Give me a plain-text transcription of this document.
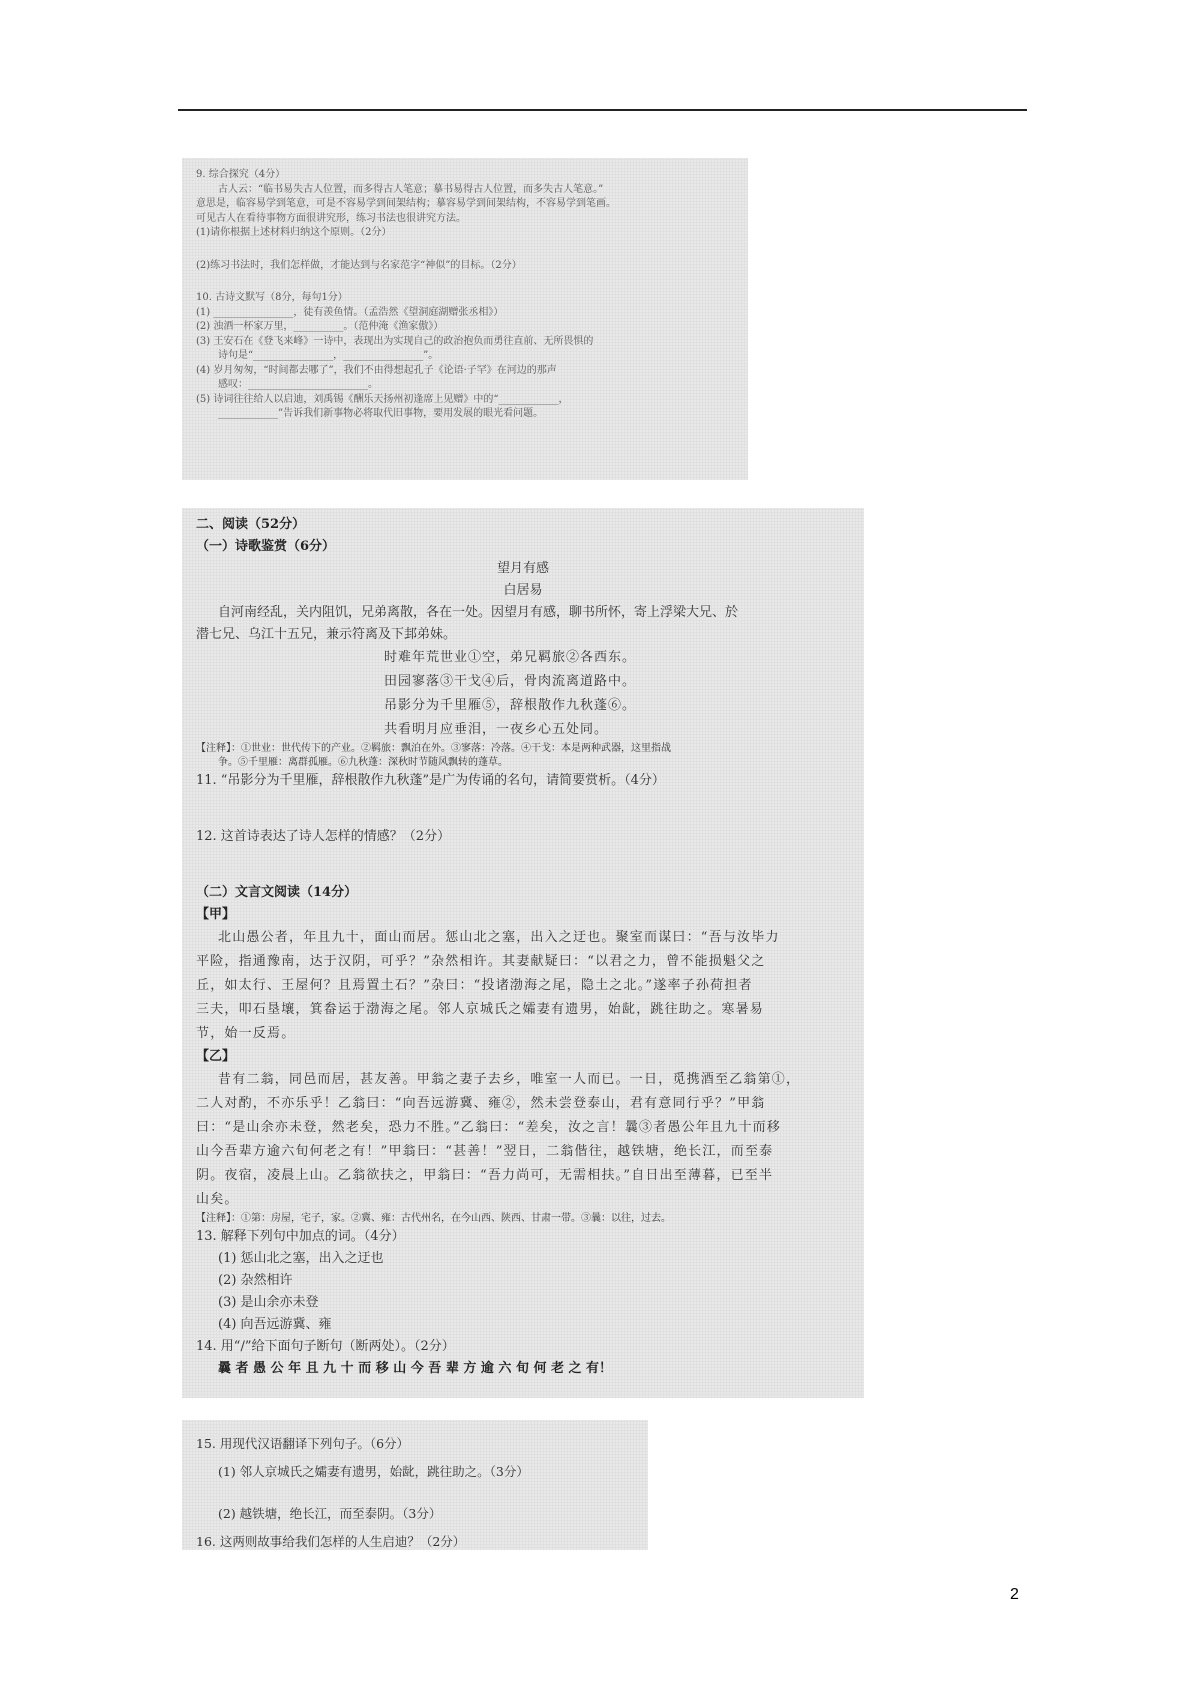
9. 综合探究（4分）

古人云：“临书易失古人位置，而多得古人笔意；摹书易得古人位置，而多失古人笔意。”

意思是，临容易学到笔意，可是不容易学到间架结构；摹容易学到间架结构，不容易学到笔画。

可见古人在看待事物方面很讲究形，练习书法也很讲究方法。

(1)请你根据上述材料归纳这个原则。（2分）

(2)练习书法时，我们怎样做，才能达到与名家范字“神似”的目标。（2分）

10. 古诗文默写（8分，每句1分）

(1) ________________，徒有羡鱼情。（孟浩然《望洞庭湖赠张丞相》）

(2) 浊酒一杯家万里，__________。（范仲淹《渔家傲》）

(3) 王安石在《登飞来峰》一诗中，表现出为实现自己的政治抱负而勇往直前、无所畏惧的

诗句是“________________，________________”。

(4) 岁月匆匆，“时间都去哪了”，我们不由得想起孔子《论语·子罕》在河边的那声

感叹：________________________。

(5) 诗词往往给人以启迪，刘禹锡《酬乐天扬州初逢席上见赠》中的“____________，

____________”告诉我们新事物必将取代旧事物，要用发展的眼光看问题。

二、阅读（52分）

（一）诗歌鉴赏（6分）

望月有感

白居易

自河南经乱，关内阻饥，兄弟离散，各在一处。因望月有感，聊书所怀，寄上浮梁大兄、於

潜七兄、乌江十五兄，兼示符离及下邽弟妹。

时难年荒世业①空，弟兄羁旅②各西东。

田园寥落③干戈④后，骨肉流离道路中。

吊影分为千里雁⑤，辞根散作九秋蓬⑥。

共看明月应垂泪，一夜乡心五处同。

【注释】：①世业：世代传下的产业。②羁旅：飘泊在外。③寥落：冷落。④干戈：本是两种武器，这里指战

争。⑤千里雁：离群孤雁。⑥九秋蓬：深秋时节随风飘转的蓬草。

11. “吊影分为千里雁，辞根散作九秋蓬”是广为传诵的名句，请简要赏析。（4分）

12. 这首诗表达了诗人怎样的情感？（2分）

（二）文言文阅读（14分）

【甲】

北山愚公者，年且九十，面山而居。惩山北之塞，出入之迂也。聚室而谋曰：“吾与汝毕力

平险，指通豫南，达于汉阴，可乎？”杂然相许。其妻献疑曰：“以君之力，曾不能损魁父之

丘，如太行、王屋何？且焉置土石？”杂曰：“投诸渤海之尾，隐土之北。”遂率子孙荷担者

三夫，叩石垦壤，箕畚运于渤海之尾。邻人京城氏之孀妻有遗男，始龀，跳往助之。寒暑易

节，始一反焉。

【乙】

昔有二翁，同邑而居，甚友善。甲翁之妻子去乡，唯室一人而已。一日，觅携酒至乙翁第①，

二人对酌，不亦乐乎！乙翁曰：“向吾远游冀、雍②，然未尝登泰山，君有意同行乎？”甲翁

曰：“是山余亦未登，然老矣，恐力不胜。”乙翁曰：“差矣，汝之言！曩③者愚公年且九十而移

山今吾辈方逾六旬何老之有！”甲翁曰：“甚善！”翌日，二翁偕往，越铁塘，绝长江，而至泰

阴。夜宿，凌晨上山。乙翁欲扶之，甲翁曰：“吾力尚可，无需相扶。”自日出至薄暮，已至半

山矣。

【注释】：①第：房屋，宅子，家。②冀、雍：古代州名，在今山西、陕西、甘肃一带。③曩：以往，过去。

13. 解释下列句中加点的词。（4分）

(1) 惩山北之塞，出入之迂也

(2) 杂然相许

(3) 是山余亦未登

(4) 向吾远游冀、雍

14. 用“/”给下面句子断句（断两处）。（2分）

曩 者 愚 公 年 且 九 十 而 移 山 今 吾 辈 方 逾 六 旬 何 老 之 有！

15. 用现代汉语翻译下列句子。（6分）

(1) 邻人京城氏之孀妻有遗男，始龀，跳往助之。（3分）

(2) 越铁塘，绝长江，而至泰阴。（3分）

16. 这两则故事给我们怎样的人生启迪？（2分）

2
